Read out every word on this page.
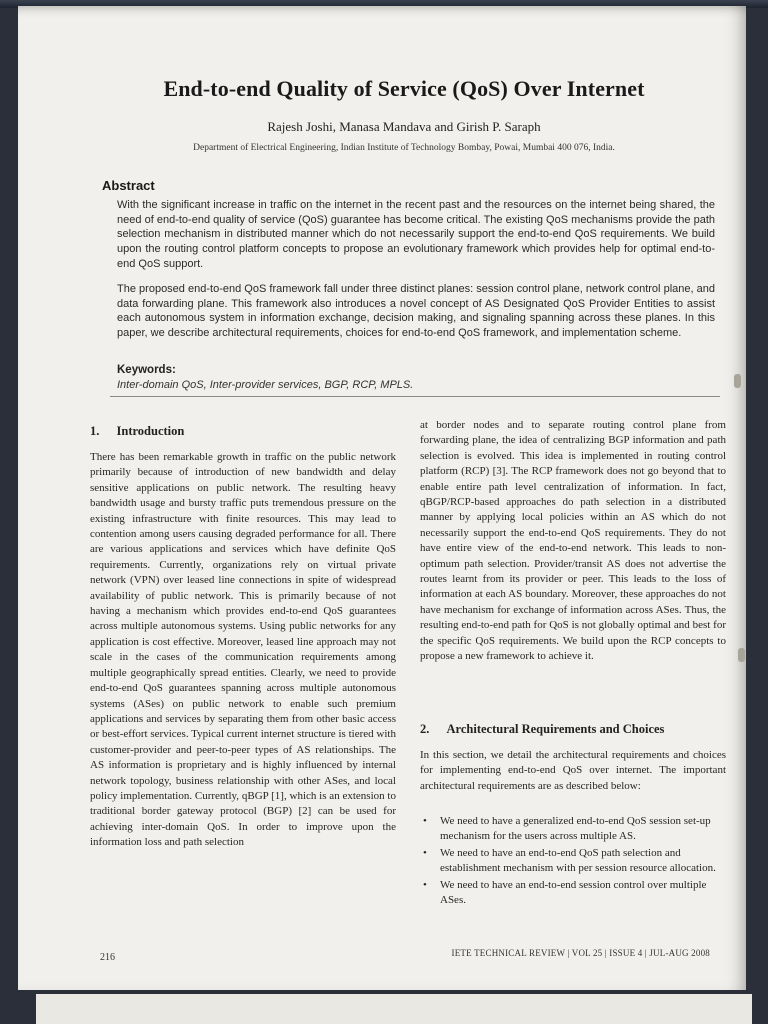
End-to-end Quality of Service (QoS) Over Internet
Rajesh Joshi, Manasa Mandava and Girish P. Saraph
Department of Electrical Engineering, Indian Institute of Technology Bombay, Powai, Mumbai 400 076, India.
Abstract

With the significant increase in traffic on the internet in the recent past and the resources on the internet being shared, the need of end-to-end quality of service (QoS) guarantee has become critical. The existing QoS mechanisms provide the path selection mechanism in distributed manner which do not necessarily support the end-to-end QoS requirements. We build upon the routing control platform concepts to propose an evolutionary framework which provides help for optimal end-to-end QoS support.

The proposed end-to-end QoS framework fall under three distinct planes: session control plane, network control plane, and data forwarding plane. This framework also introduces a novel concept of AS Designated QoS Provider Entities to assist each autonomous system in information exchange, decision making, and signaling spanning across these planes. In this paper, we describe architectural requirements, choices for end-to-end QoS framework, and implementation scheme.

Keywords:
Inter-domain QoS, Inter-provider services, BGP, RCP, MPLS.
1. Introduction

There has been remarkable growth in traffic on the public network primarily because of introduction of new bandwidth and delay sensitive applications on public network. The resulting heavy bandwidth usage and bursty traffic puts tremendous pressure on the existing infrastructure with finite resources. This may lead to contention among users causing degraded performance for all. There are various applications and services which have definite QoS requirements. Currently, organizations rely on virtual private network (VPN) over leased line connections in spite of widespread availability of public network. This is primarily because of not having a mechanism which provides end-to-end QoS guarantees across multiple autonomous systems. Using public networks for any application is cost effective. Moreover, leased line approach may not scale in the cases of the communication requirements among multiple geographically spread entities. Clearly, we need to provide end-to-end QoS guarantees spanning across multiple autonomous systems (ASes) on public network to enable such premium applications and services by separating them from other basic access or best-effort services. Typical current internet structure is tiered with customer-provider and peer-to-peer types of AS relationships. The AS information is proprietary and is highly influenced by internal network topology, business relationship with other ASes, and local policy implementation. Currently, qBGP [1], which is an extension to traditional border gateway protocol (BGP) [2] can be used for achieving inter-domain QoS. In order to improve upon the information loss and path selection

at border nodes and to separate routing control plane from forwarding plane, the idea of centralizing BGP information and path selection is evolved. This idea is implemented in routing control platform (RCP) [3]. The RCP framework does not go beyond that to enable entire path level centralization of information. In fact, qBGP/RCP-based approaches do path selection in a distributed manner by applying local policies within an AS which do not necessarily support the end-to-end QoS requirements. They do not have entire view of the end-to-end network. This leads to non-optimum path selection. Provider/transit AS does not advertise the routes learnt from its provider or peer. This leads to the loss of information at each AS boundary. Moreover, these approaches do not have mechanism for exchange of information across ASes. Thus, the resulting end-to-end path for QoS is not globally optimal and best for the specific QoS requirements. We build upon the RCP concepts to propose a new framework to achieve it.

2. Architectural Requirements and Choices

In this section, we detail the architectural requirements and choices for implementing end-to-end QoS over internet. The important architectural requirements are as described below:

• We need to have a generalized end-to-end QoS session set-up mechanism for the users across multiple AS.
• We need to have an end-to-end QoS path selection and establishment mechanism with per session resource allocation.
• We need to have an end-to-end session control over multiple ASes.
216	IETE TECHNICAL REVIEW | VOL 25 | ISSUE 4 | JUL-AUG 2008
